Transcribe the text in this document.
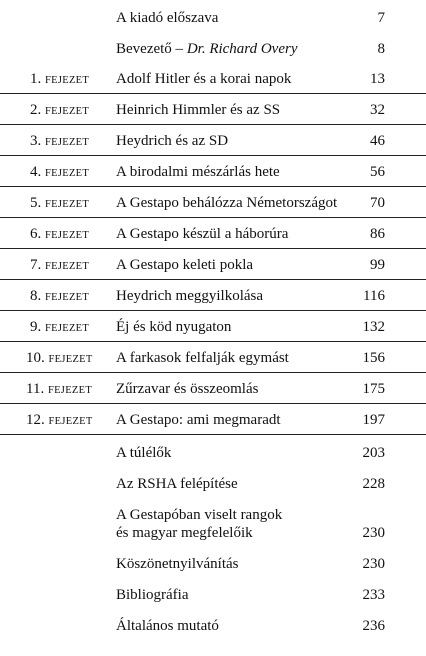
A kiadó előszava	7
Bevezető – Dr. Richard Overy	8
1. FEJEZET Adolf Hitler és a korai napok	13
2. FEJEZET Heinrich Himmler és az SS	32
3. FEJEZET Heydrich és az SD	46
4. FEJEZET A birodalmi mészárlás hete	56
5. FEJEZET A Gestapo behálózza Németországot 70
6. FEJEZET A Gestapo készül a háborúra	86
7. FEJEZET A Gestapo keleti pokla	99
8. FEJEZET Heydrich meggyilkolása	116
9. FEJEZET Éj és köd nyugaton	132
10. FEJEZET A farkasok felfalják egymást	156
11. FEJEZET Zűrzavar és összeomlás	175
12. FEJEZET A Gestapo: ami megmaradt	197
A túlélők	203
Az RSHA felépítése	228
A Gestapóban viselt rangok
és magyar megfelelőik	230
Köszönetnyilvánítás	230
Bibliográfia	233
Általános mutató	236
